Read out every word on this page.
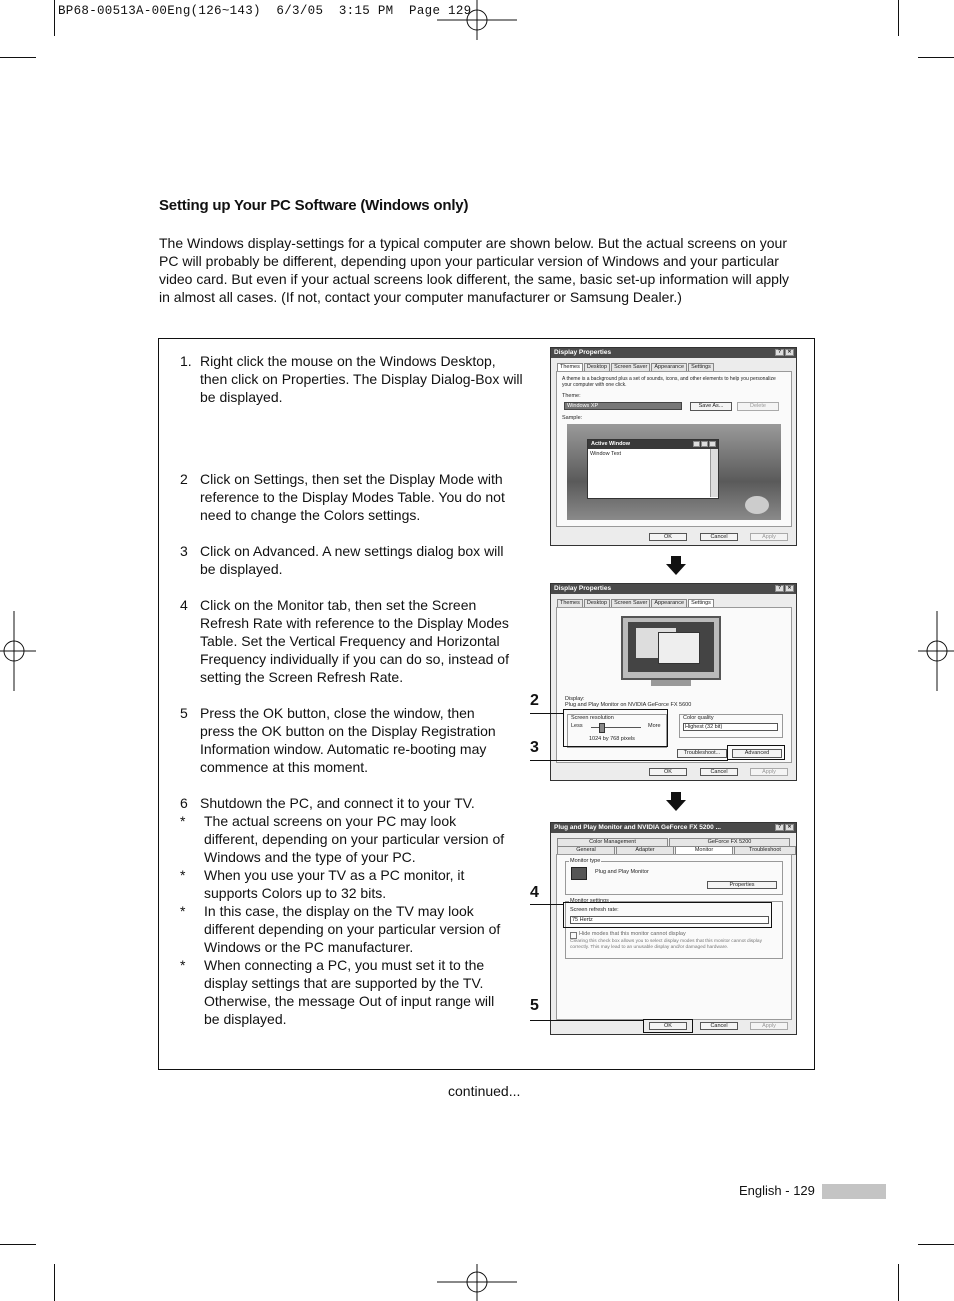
BP68-00513A-00Eng(126~143)  6/3/05  3:15 PM  Page 129
Setting up Your PC Software (Windows only)
The Windows display-settings for a typical computer are shown below. But the actual screens on your
PC will probably be different, depending upon your particular version of Windows and your particular
video card. But even if your actual screens look different, the same, basic set-up information will apply
in almost all cases. (If not, contact your computer manufacturer or Samsung Dealer.)
1. Right click the mouse on the Windows Desktop, then click on Properties. The Display Dialog-Box will be displayed.
2 Click on Settings, then set the Display Mode with reference to the Display Modes Table. You do not need to change the Colors settings.
3 Click on Advanced. A new settings dialog box will be displayed.
4 Click on the Monitor tab, then set the Screen Refresh Rate with reference to the Display Modes Table. Set the Vertical Frequency and Horizontal Frequency individually if you can do so, instead of setting the Screen Refresh Rate.
5 Press the OK button, close the window, then press the OK button on the Display Registration Information window. Automatic re-booting may commence at this moment.
6 Shutdown the PC, and connect it to your TV.
*	The actual screens on your PC may look different, depending on your particular version of Windows and the type of your PC.
*	When you use your TV as a PC monitor, it supports Colors up to 32 bits.
*	In this case, the display on the TV may look different depending on your particular version of Windows or the PC manufacturer.
*	When connecting a PC, you must set it to the display settings that are supported by the TV. Otherwise, the message Out of input range will be displayed.
Display Properties	?	✕
Themes	Desktop	Screen Saver	Appearance	Settings
A theme is a background plus a set of sounds, icons, and other elements to help you personalize your computer with one click.
Theme:
Windows XP	Save As...	Delete
Sample:
Active Window
Window Text
OK	Cancel	Apply
Display Properties	?	✕
Themes	Desktop	Screen Saver	Appearance	Settings
Display:
Plug and Play Monitor on NVIDIA GeForce FX 5600
Screen resolution
Less	More
1024 by 768 pixels
Color quality
Highest (32 bit)
Troubleshoot...	Advanced
OK	Cancel	Apply
Plug and Play Monitor and NVIDIA GeForce FX 5200 ...	?	✕
Color Management	GeForce FX 5200
General	Adapter	Monitor	Troubleshoot
Monitor type
Plug and Play Monitor
Properties
Monitor settings
Screen refresh rate:
75 Hertz
Hide modes that this monitor cannot display
Clearing this check box allows you to select display modes that this monitor cannot display correctly. This may lead to an unusable display and/or damaged hardware.
OK	Cancel	Apply
2
3
4
5
continued...
English - 129
